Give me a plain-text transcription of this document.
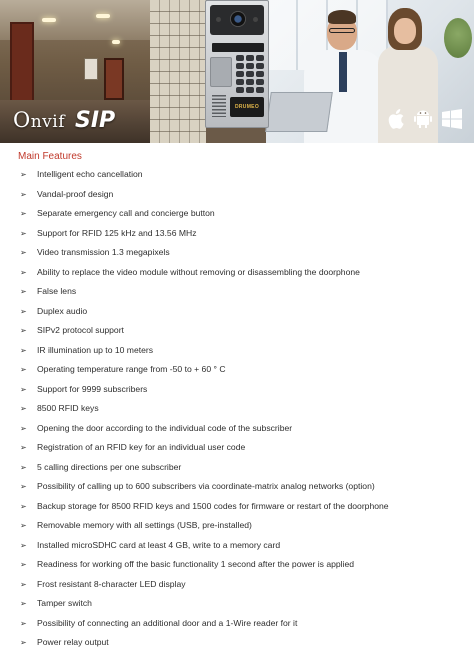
DRUMEO
Onvif SIP
Main Features
➢ Intelligent echo cancellation
➢ Vandal-proof design
➢ Separate emergency call and concierge button
➢ Support for RFID 125 kHz and 13.56 MHz
➢ Video transmission 1.3 megapixels
➢ Ability to replace the video module without removing or disassembling the doorphone
➢ False lens
➢ Duplex audio
➢ SIPv2 protocol support
➢ IR illumination up to 10 meters
➢ Operating temperature range from -50 to + 60 ° C
➢ Support for 9999 subscribers
➢ 8500 RFID keys
➢ Opening the door according to the individual code of the subscriber
➢ Registration of an RFID key for an individual user code
➢ 5 calling directions per one subscriber
➢ Possibility of calling up to 600 subscribers via coordinate-matrix analog networks (option)
➢ Backup storage for 8500 RFID keys and 1500 codes for firmware or restart of the doorphone
➢ Removable memory with all settings (USB, pre-installed)
➢ Installed microSDHC card at least 4 GB, write to a memory card
➢ Readiness for working off the basic functionality 1 second after the power is applied
➢ Frost resistant 8-character LED display
➢ Tamper switch
➢ Possibility of connecting an additional door and a 1-Wire reader for it
➢ Power relay output
